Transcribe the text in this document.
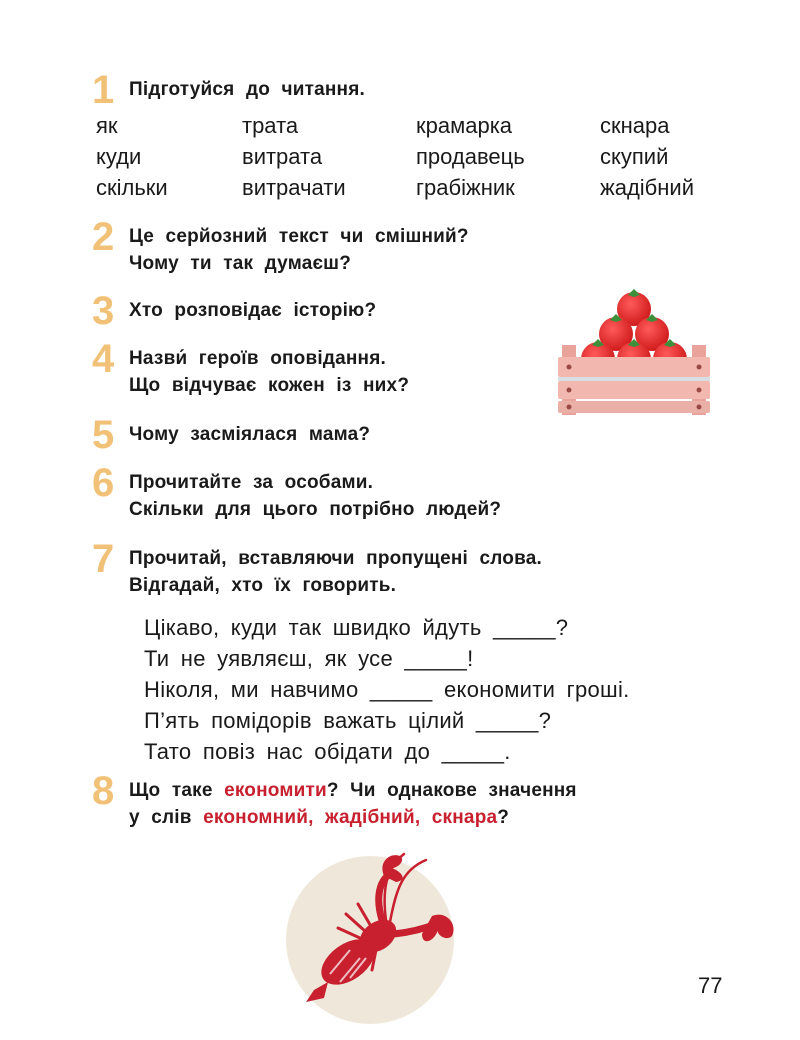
1 Підготуйся до читання.
як
куди
скільки
трата
витрата
витрачати
крамарка
продавець
грабіжник
скнара
скупий
жадібний
2 Це серйозний текст чи смішний?
Чому ти так думаєш?
3 Хто розповідає історію?
4 Назви́ героїв оповідання.
Що відчуває кожен із них?
5 Чому засміялася мама?
6 Прочитайте за особами.
Скільки для цього потрібно людей?
7 Прочитай, вставляючи пропущені слова.
Відгадай, хто їх говорить.
Цікаво, куди так швидко йдуть _____?
Ти не уявляєш, як усе _____!
Ніколя, ми навчимо _____ економити гроші.
П’ять помідорів важать цілий _____?
Тато повіз нас обідати до _____.
8 Що таке економити? Чи однакове значення
у слів економний, жадібний, скнара?
77
